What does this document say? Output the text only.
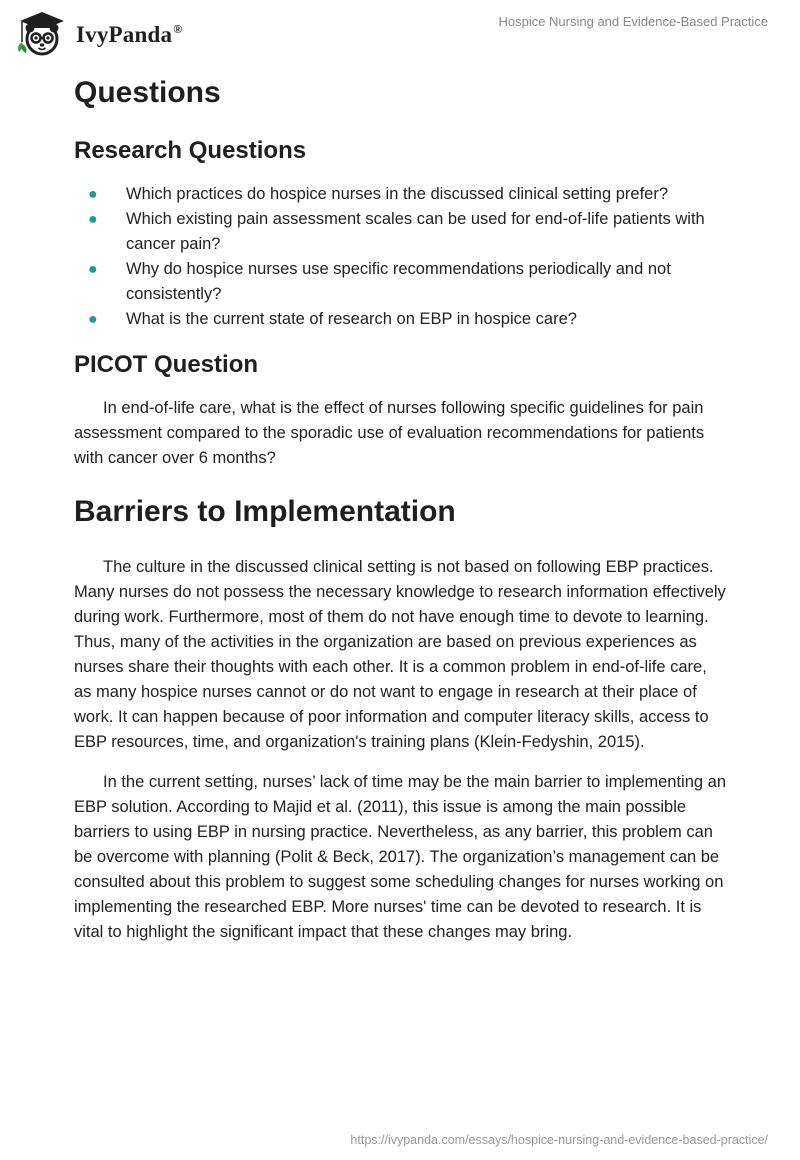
IvyPanda®
Hospice Nursing and Evidence-Based Practice
Questions
Research Questions
● Which practices do hospice nurses in the discussed clinical setting prefer?
● Which existing pain assessment scales can be used for end-of-life patients with cancer pain?
● Why do hospice nurses use specific recommendations periodically and not consistently?
● What is the current state of research on EBP in hospice care?
PICOT Question

In end-of-life care, what is the effect of nurses following specific guidelines for pain assessment compared to the sporadic use of evaluation recommendations for patients with cancer over 6 months?

Barriers to Implementation

The culture in the discussed clinical setting is not based on following EBP practices. Many nurses do not possess the necessary knowledge to research information effectively during work. Furthermore, most of them do not have enough time to devote to learning. Thus, many of the activities in the organization are based on previous experiences as nurses share their thoughts with each other. It is a common problem in end-of-life care, as many hospice nurses cannot or do not want to engage in research at their place of work. It can happen because of poor information and computer literacy skills, access to EBP resources, time, and organization's training plans (Klein-Fedyshin, 2015).

In the current setting, nurses’ lack of time may be the main barrier to implementing an EBP solution. According to Majid et al. (2011), this issue is among the main possible barriers to using EBP in nursing practice. Nevertheless, as any barrier, this problem can be overcome with planning (Polit & Beck, 2017). The organization’s management can be consulted about this problem to suggest some scheduling changes for nurses working on implementing the researched EBP. More nurses' time can be devoted to research. It is vital to highlight the significant impact that these changes may bring.

https://ivypanda.com/essays/hospice-nursing-and-evidence-based-practice/
